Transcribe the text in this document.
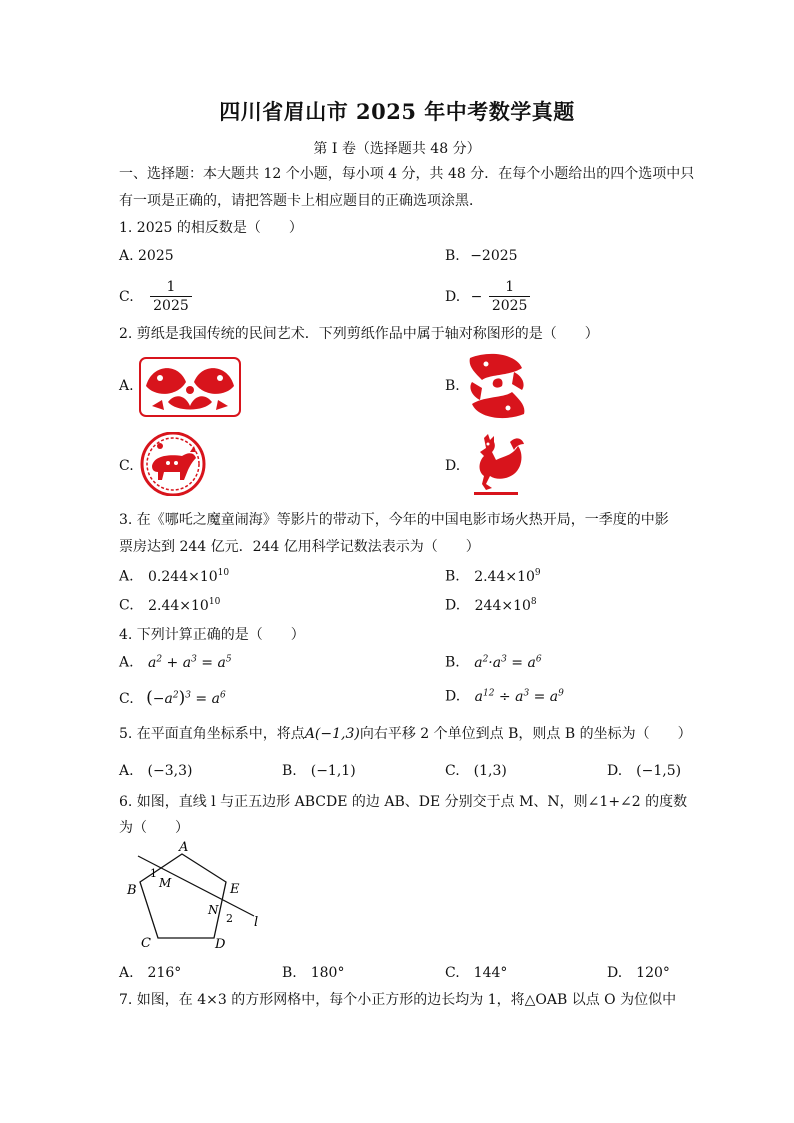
四川省眉山市 2025 年中考数学真题
第 I 卷（选择题共 48 分）
一、选择题：本大题共 12 个小题，每小项 4 分，共 48 分．在每个小题给出的四个选项中只
有一项是正确的，请把答题卡上相应题目的正确选项涂黑．
1. 2025 的相反数是（　　）
A. 2025	B. −2025
C. $\frac{1}{2025}$	D. − $\frac{1}{2025}$
2. 剪纸是我国传统的民间艺术．下列剪纸作品中属于轴对称图形的是（　　）
A.	B.
C.	D.
3. 在《哪吒之魔童闹海》等影片的带动下，今年的中国电影市场火热开局，一季度的中影
票房达到 244 亿元．244 亿用科学记数法表示为（　　）
A. $0.244\times 10^{10}$	B. $2.44\times 10^9$
C. $2.44\times 10^{10}$	D. $244\times 10^8$
4. 下列计算正确的是（　　）
A. $a^2 + a^3 = a^5$	B. $a^2\cdot a^3 = a^6$
C. $(-a^2)^3 = a^6$	D. $a^{12} \div a^3 = a^9$
5. 在平面直角坐标系中，将点A(−1,3)向右平移 2 个单位到点 B，则点 B 的坐标为（　　）
A.　(−3,3)	B.　(−1,1)	C.　(1,3)	D.　(−1,5)
6. 如图，直线 l 与正五边形 ABCDE 的边 AB、DE 分别交于点 M、N，则∠1+∠2 的度数
为（　　）
A
B
C	D
E
M
N
l
1
2
A.　216°	B.　180°	C.　144°	D.　120°
7. 如图，在 4×3 的方形网格中，每个小正方形的边长均为 1，将△OAB 以点 O 为位似中
